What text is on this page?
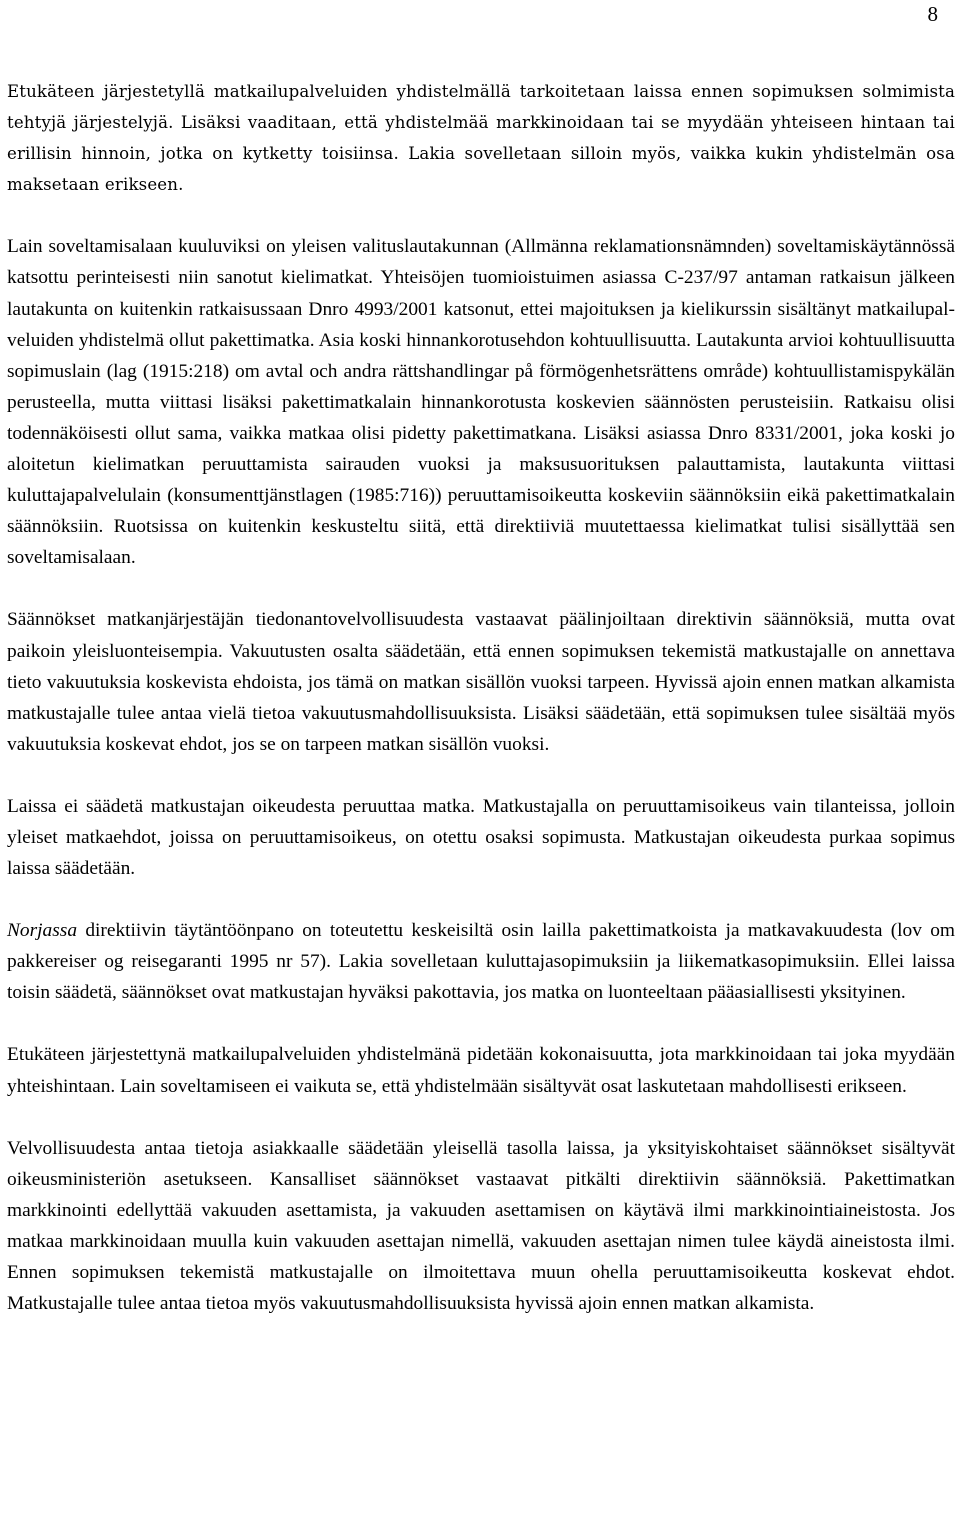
8

Etukäteen järjestetyllä matkailupalveluiden yhdistelmällä tarkoitetaan laissa ennen sopimuksen solmimista tehtyjä järjestelyjä. Lisäksi vaaditaan, että yhdistelmää markkinoidaan tai se myydään yhteiseen hintaan tai erillisin hinnoin, jotka on kytketty toisiinsa. Lakia sovelletaan silloin myös, vaikka kukin yhdistelmän osa maksetaan erikseen.

Lain soveltamisalaan kuuluviksi on yleisen valituslautakunnan (Allmänna reklamationsnämnden) soveltamiskäytännössä katsottu perinteisesti niin sanotut kielimatkat. Yhteisöjen tuomioistuimen asiassa C-237/97 antaman ratkaisun jälkeen lautakunta on kuitenkin ratkaisussaan Dnro 4993/2001 katsonut, ettei majoituksen ja kielikurssin sisältänyt matkailupalveluiden yhdistelmä ollut pakettimatka. Asia koski hinnankorotusehdon kohtuullisuutta. Lautakunta arvioi kohtuullisuutta sopimuslain (lag (1915:218) om avtal och andra rättshandlingar på förmögenhetsrättens område) kohtuullistamispykälän perusteella, mutta viittasi lisäksi pakettimatkalain hinnankorotusta koskevien säännösten perusteisiin. Ratkaisu olisi todennäköisesti ollut sama, vaikka matkaa olisi pidetty pakettimatkana. Lisäksi asiassa Dnro 8331/2001, joka koski jo aloitetun kielimatkan peruuttamista sairauden vuoksi ja maksusuorituksen palauttamista, lautakunta viittasi kuluttajapalvelulain (konsumenttjänstlagen (1985:716)) peruuttamisoikeutta koskeviin säännöksiin eikä pakettimatkalain säännöksiin. Ruotsissa on kuitenkin keskusteltu siitä, että direktiiviä muutettaessa kielimatkat tulisi sisällyttää sen soveltamisalaan.

Säännökset matkanjärjestäjän tiedonantovelvollisuudesta vastaavat päälinjoiltaan direktivin säännöksiä, mutta ovat paikoin yleisluonteisempia. Vakuutusten osalta säädetään, että ennen sopimuksen tekemistä matkustajalle on annettava tieto vakuutuksia koskevista ehdoista, jos tämä on matkan sisällön vuoksi tarpeen. Hyvissä ajoin ennen matkan alkamista matkustajalle tulee antaa vielä tietoa vakuutusmahdollisuuksista. Lisäksi säädetään, että sopimuksen tulee sisältää myös vakuutuksia koskevat ehdot, jos se on tarpeen matkan sisällön vuoksi.

Laissa ei säädetä matkustajan oikeudesta peruuttaa matka. Matkustajalla on peruuttamisoikeus vain tilanteissa, jolloin yleiset matkaehdot, joissa on peruuttamisoikeus, on otettu osaksi sopimusta. Matkustajan oikeudesta purkaa sopimus laissa säädetään.

Norjassa direktiivin täytäntöönpano on toteutettu keskeisiltä osin lailla pakettimatkoista ja matkavakuudesta (lov om pakkereiser og reisegaranti 1995 nr 57). Lakia sovelletaan kuluttajasopimuksiin ja liikematkasopimuksiin. Ellei laissa toisin säädetä, säännökset ovat matkustajan hyväksi pakottavia, jos matka on luonteeltaan pääasiallisesti yksityinen.

Etukäteen järjestettynä matkailupalveluiden yhdistelmänä pidetään kokonaisuutta, jota markkinoidaan tai joka myydään yhteishintaan. Lain soveltamiseen ei vaikuta se, että yhdistelmään sisältyvät osat laskutetaan mahdollisesti erikseen.

Velvollisuudesta antaa tietoja asiakkaalle säädetään yleisellä tasolla laissa, ja yksityiskohtaiset säännökset sisältyvät oikeusministeriön asetukseen. Kansalliset säännökset vastaavat pitkälti direktiivin säännöksiä. Pakettimatkan markkinointi edellyttää vakuuden asettamista, ja vakuuden asettamisen on käytävä ilmi markkinointiaineistosta. Jos matkaa markkinoidaan muulla kuin vakuuden asettajan nimellä, vakuuden asettajan nimen tulee käydä aineistosta ilmi. Ennen sopimuksen tekemistä matkustajalle on ilmoitettava muun ohella peruuttamisoikeutta koskevat ehdot. Matkustajalle tulee antaa tietoa myös vakuutusmahdollisuuksista hyvissä ajoin ennen matkan alkamista.
